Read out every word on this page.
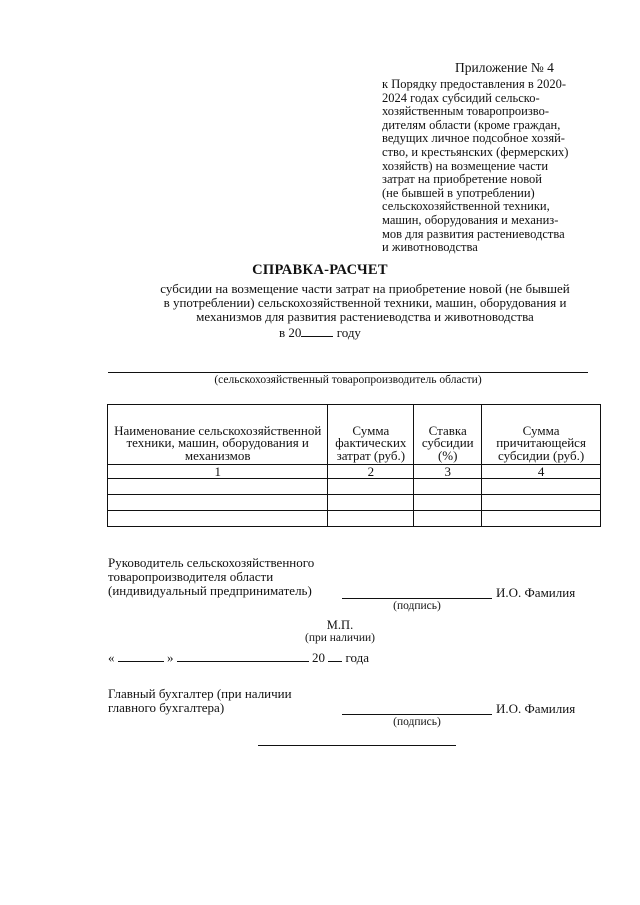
Приложение № 4
к Порядку предоставления в 2020-
2024 годах субсидий сельско-
хозяйственным товаропроизво-
дителям области (кроме граждан,
ведущих личное подсобное хозяй-
ство, и крестьянских (фермерских)
хозяйств) на возмещение части
затрат на приобретение новой
(не бывшей в употреблении)
сельскохозяйственной техники,
машин, оборудования и механиз-
мов для развития растениеводства
и животноводства
СПРАВКА-РАСЧЕТ
субсидии на возмещение части затрат на приобретение новой (не бывшей
в употреблении) сельскохозяйственной техники, машин, оборудования и
механизмов для развития растениеводства и животноводства
в 20	году
(сельскохозяйственный товаропроизводитель области)
Наименование сельскохозяйственной техники, машин, оборудования и механизмов	Сумма фактических затрат (руб.)	Ставка субсидии (%)	Сумма причитающейся субсидии (руб.)
1	2	3	4

Руководитель сельскохозяйственного
товаропроизводителя области
(индивидуальный предприниматель)	И.О. Фамилия
(подпись)
М.П.
(при наличии)
«	»	20 года
Главный бухгалтер (при наличии
главного бухгалтера)	И.О. Фамилия
(подпись)
